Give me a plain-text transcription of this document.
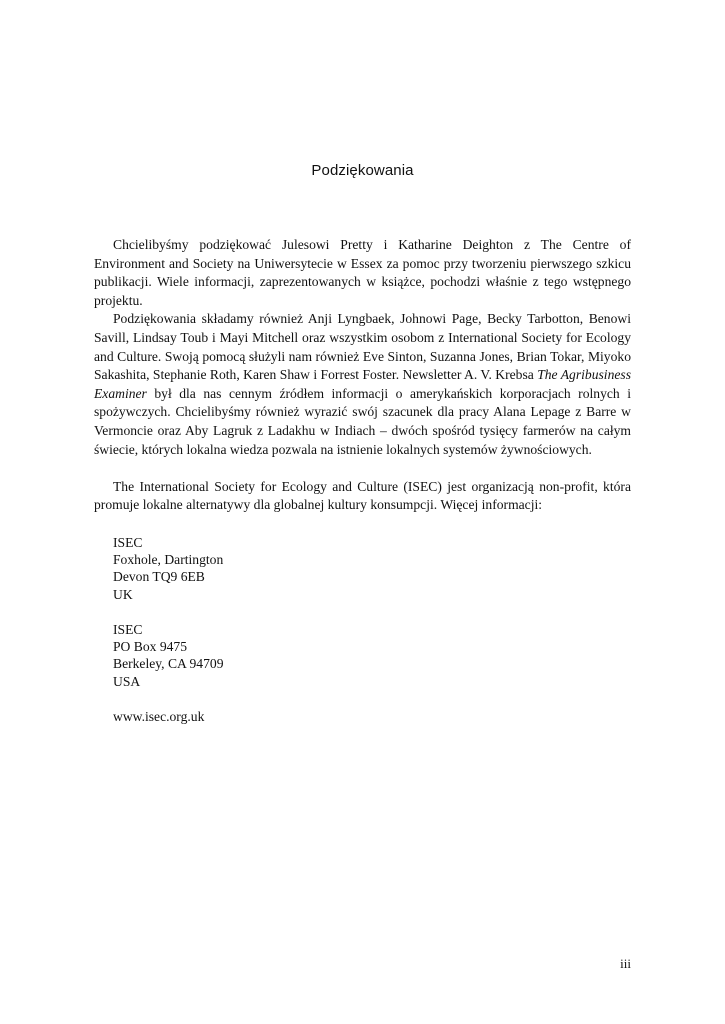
Podziękowania

Chcielibyśmy podziękować Julesowi Pretty i Katharine Deighton z The Centre of Environment and Society na Uniwersytecie w Essex za pomoc przy tworzeniu pierwszego szkicu publikacji. Wiele informacji, zaprezentowanych w książce, pochodzi właśnie z tego wstępnego projektu.

Podziękowania składamy również Anji Lyngbaek, Johnowi Page, Becky Tarbotton, Benowi Savill, Lindsay Toub i Mayi Mitchell oraz wszystkim osobom z International Society for Ecology and Culture. Swoją pomocą służyli nam również Eve Sinton, Suzanna Jones, Brian Tokar, Miyoko Sakashita, Stephanie Roth, Karen Shaw i Forrest Foster. Newsletter A. V. Krebsa The Agribusiness Examiner był dla nas cennym źródłem informacji o amerykańskich korporacjach rolnych i spożywczych. Chcielibyśmy również wyrazić swój szacunek dla pracy Alana Lepage z Barre w Vermoncie oraz Aby Lagruk z Ladakhu w Indiach – dwóch spośród tysięcy farmerów na całym świecie, których lokalna wiedza pozwala na istnienie lokalnych systemów żywnościowych.

The International Society for Ecology and Culture (ISEC) jest organizacją non-profit, która promuje lokalne alternatywy dla globalnej kultury konsumpcji. Więcej informacji:

ISEC
Foxhole, Dartington
Devon TQ9 6EB
UK
ISEC
PO Box 9475
Berkeley, CA 94709
USA
www.isec.org.uk
iii
